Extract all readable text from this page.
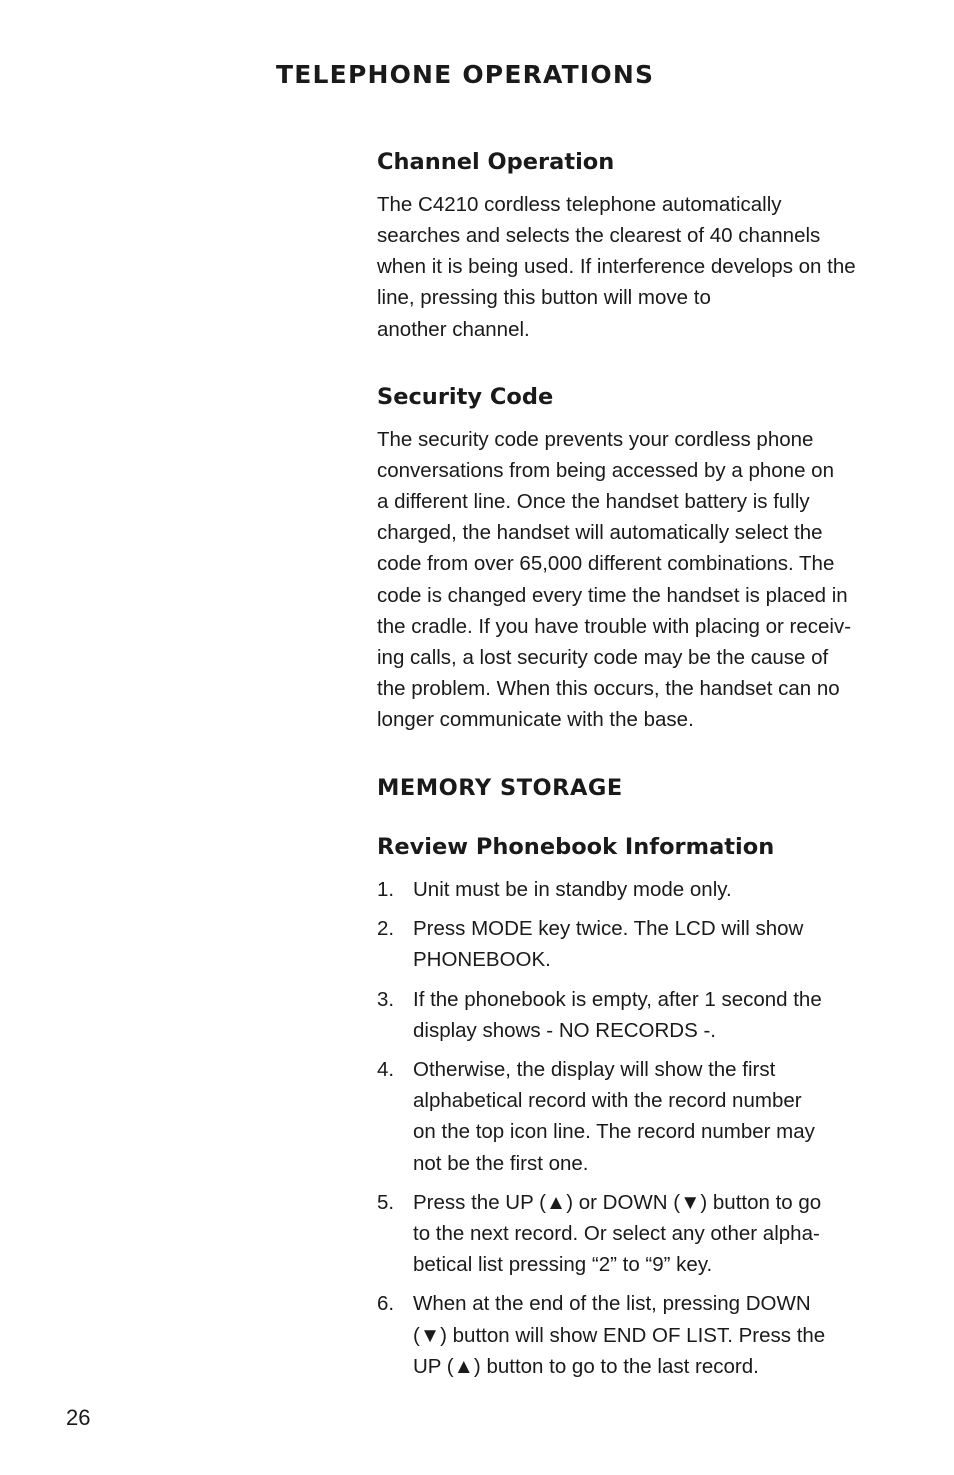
TELEPHONE OPERATIONS
Channel Operation

The C4210 cordless telephone automatically
searches and selects the clearest of 40 channels
when it is being used. If interference develops on the
line, pressing this button will move to
another channel.

Security Code

The security code prevents your cordless phone
conversations from being accessed by a phone on
a different line. Once the handset battery is fully
charged, the handset will automatically select the
code from over 65,000 different combinations. The
code is changed every time the handset is placed in
the cradle. If you have trouble with placing or receiv-
ing calls, a lost security code may be the cause of
the problem. When this occurs, the handset can no
longer communicate with the base.

MEMORY STORAGE
Review Phonebook Information
1. Unit must be in standby mode only.
2. Press MODE key twice. The LCD will show
PHONEBOOK.
3. If the phonebook is empty, after 1 second the
display shows - NO RECORDS -.
4. Otherwise, the display will show the first
alphabetical record with the record number
on the top icon line. The record number may
not be the first one.
5. Press the UP (▲) or DOWN (▼) button to go
to the next record. Or select any other alpha-
betical list pressing “2” to “9” key.
6. When at the end of the list, pressing DOWN
(▼) button will show END OF LIST. Press the
UP (▲) button to go to the last record.
26
